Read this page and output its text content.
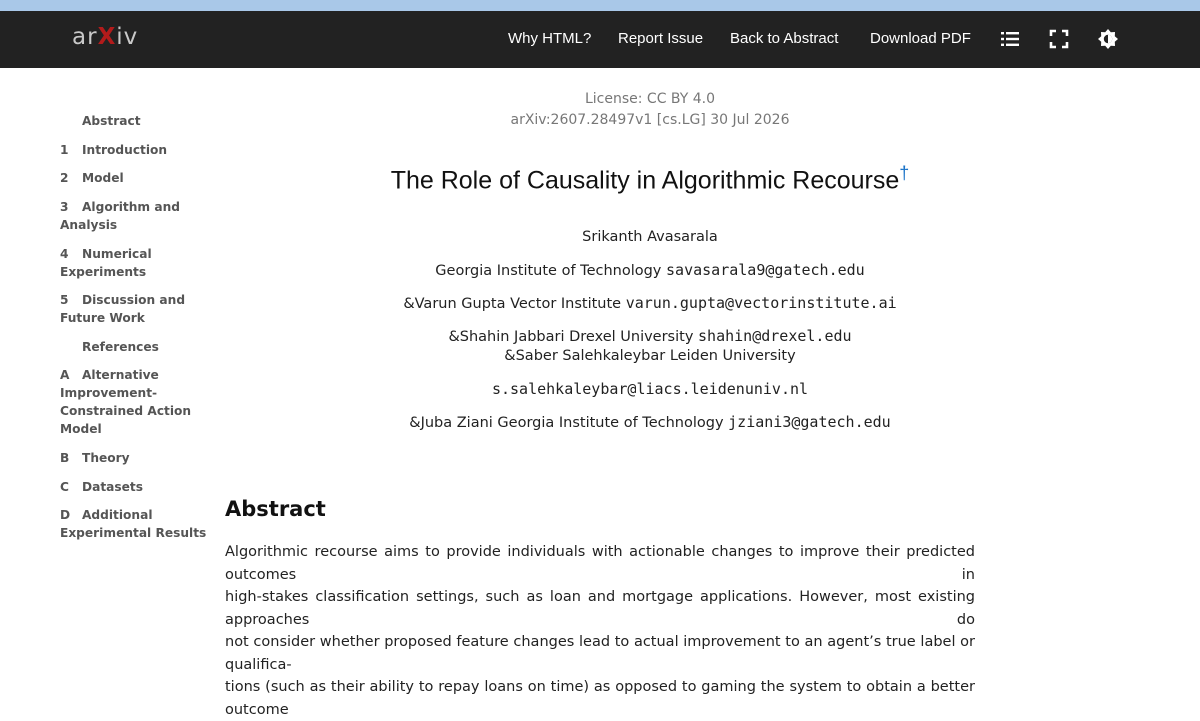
arXiv	Why HTML? Report Issue Back to Abstract Download PDF
Abstract
1 Introduction
2 Model
3 Algorithm and Analysis
4 Numerical Experiments
5 Discussion and Future Work
References
A Alternative Improvement-Constrained Action Model
B Theory
C Datasets
D Additional Experimental Results
License: CC BY 4.0
arXiv:2607.28497v1 [cs.LG] 30 Jul 2026
The Role of Causality in Algorithmic Recourse†
Srikanth Avasarala
Georgia Institute of Technology savasarala9@gatech.edu
&Varun Gupta Vector Institute varun.gupta@vectorinstitute.ai
&Shahin Jabbari Drexel University shahin@drexel.edu
&Saber Salehkaleybar Leiden University
s.salehkaleybar@liacs.leidenuniv.nl
&Juba Ziani Georgia Institute of Technology jziani3@gatech.edu
Abstract
Algorithmic recourse aims to provide individuals with actionable changes to improve their predicted outcomes in
high-stakes classification settings, such as loan and mortgage applications. However, most existing approaches do
not consider whether proposed feature changes lead to actual improvement to an agent’s true label or qualifica-
tions (such as their ability to repay loans on time) as opposed to gaming the system to obtain a better outcome
